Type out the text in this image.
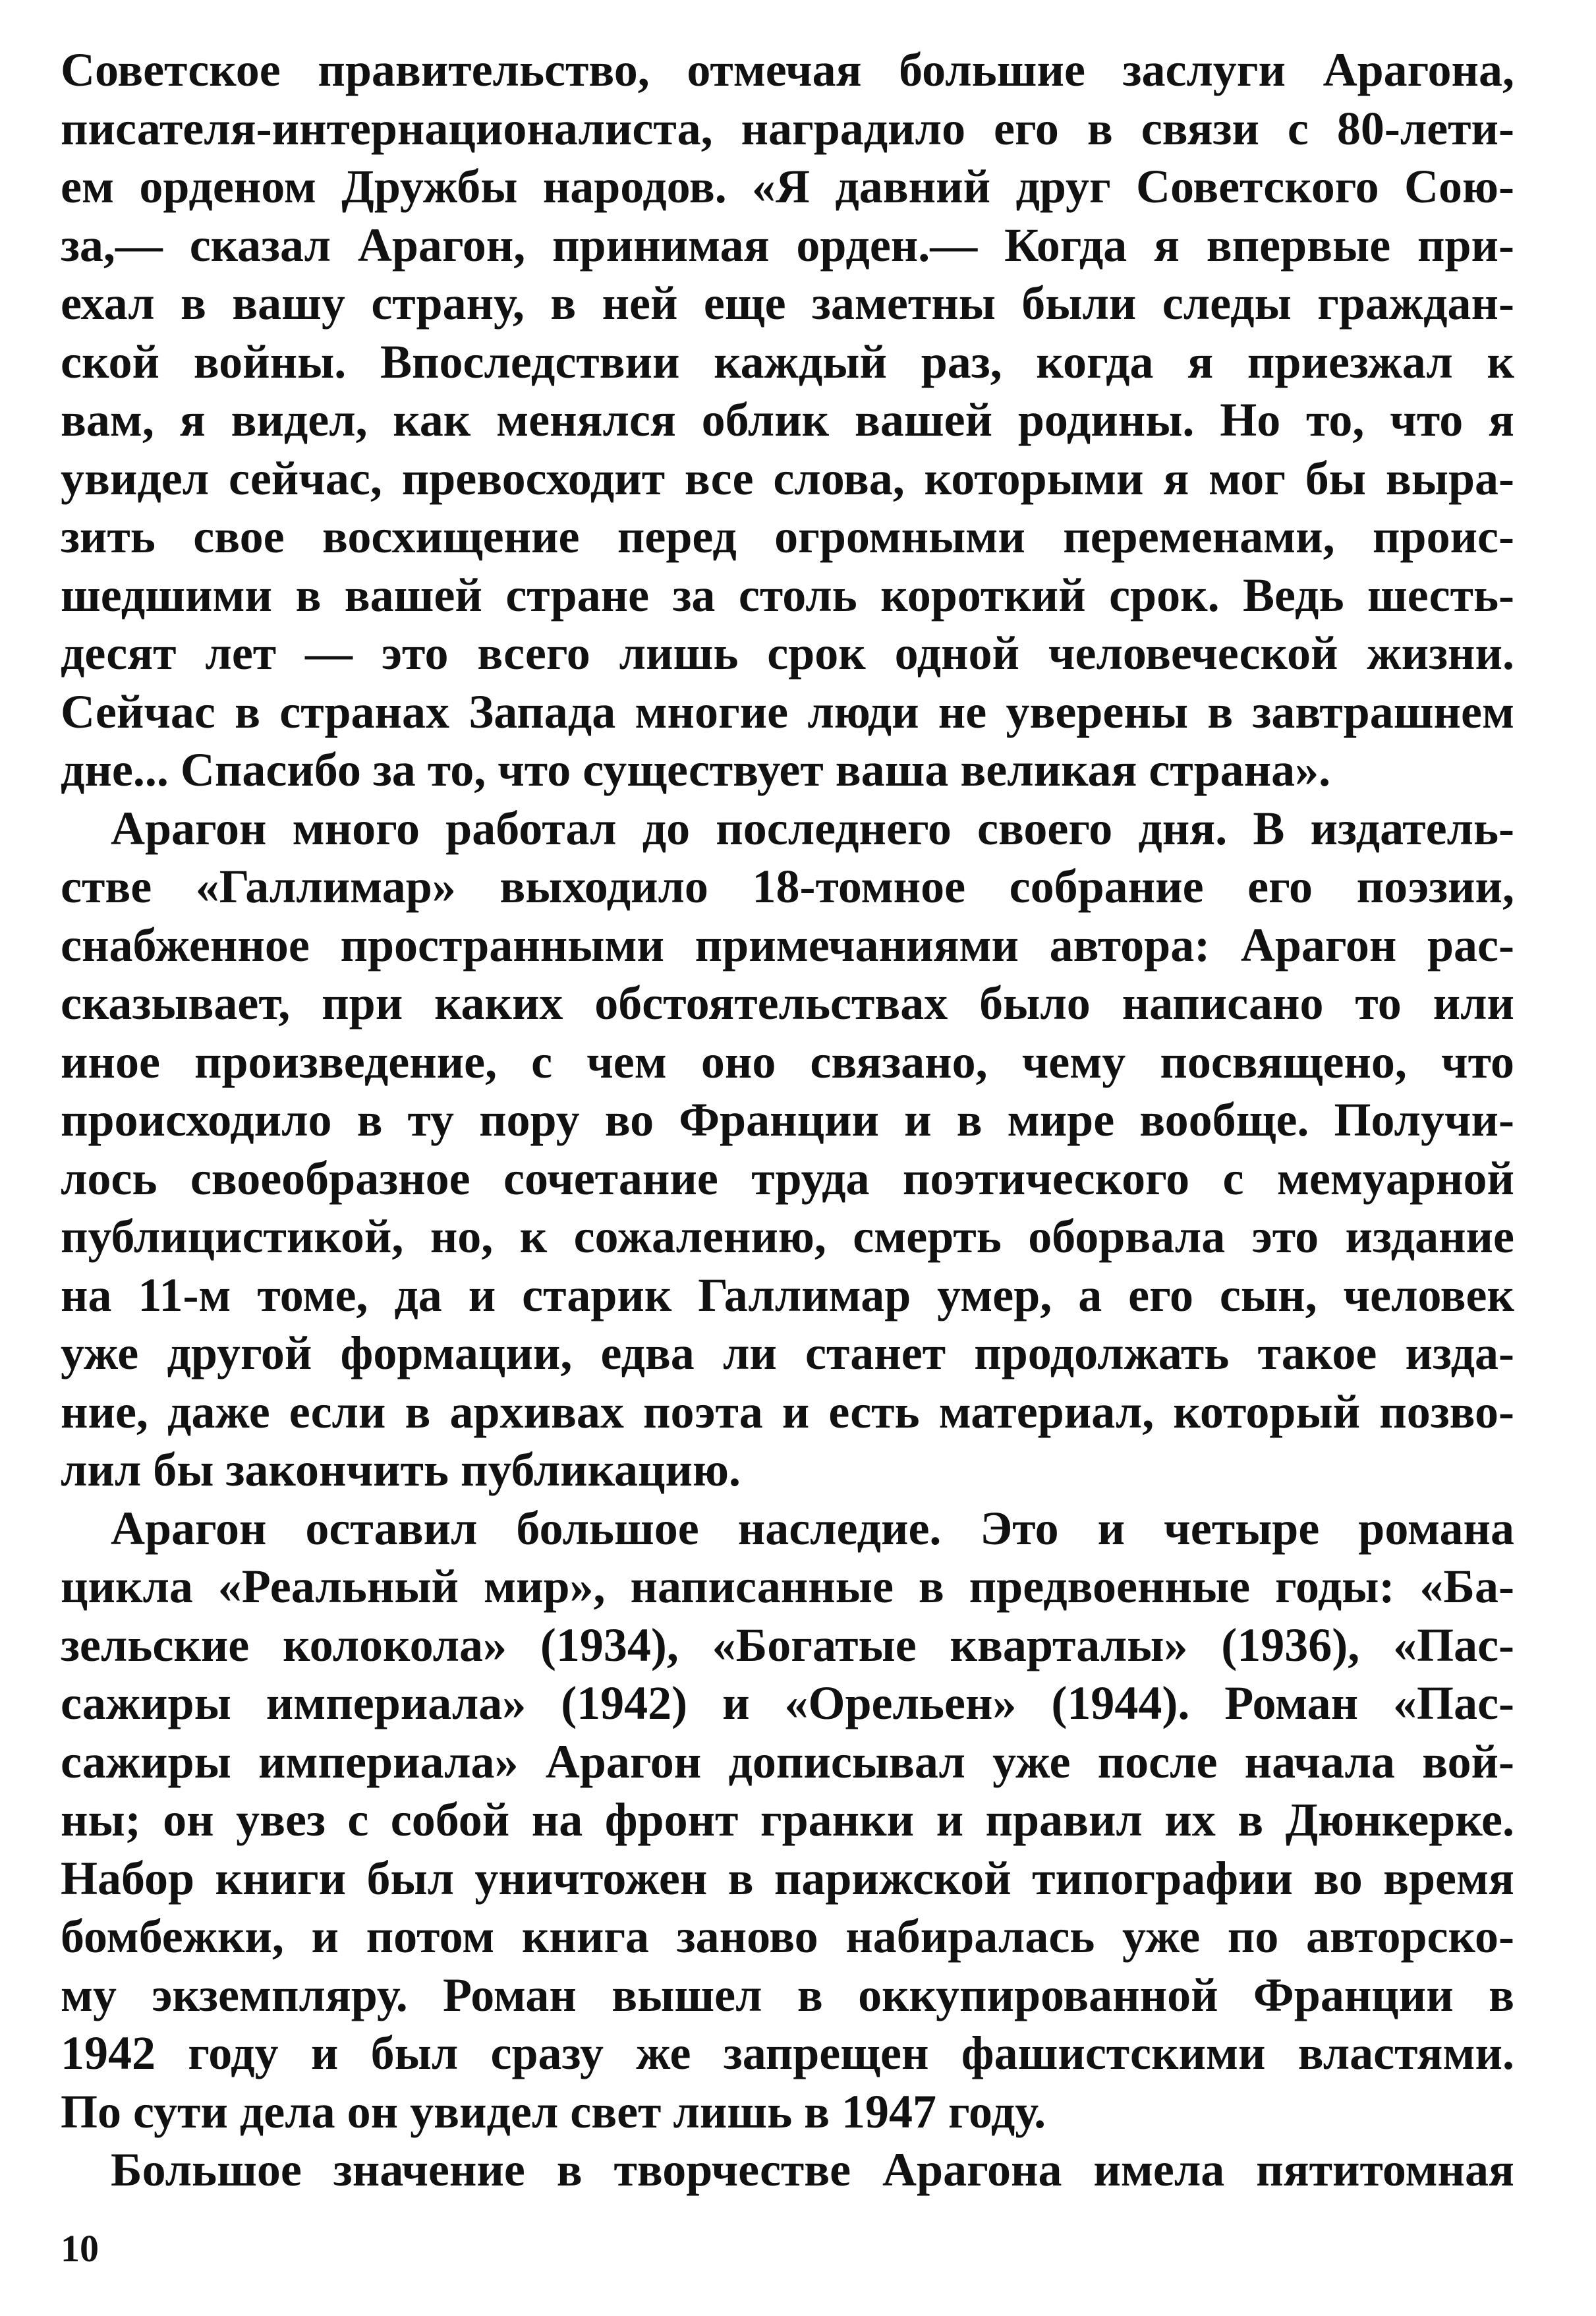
Советское правительство, отмечая большие заслуги Арагона,
писателя-интернационалиста, наградило его в связи с 80-лети-
ем орденом Дружбы народов. «Я давний друг Советского Сою-
за,— сказал Арагон, принимая орден.— Когда я впервые при-
ехал в вашу страну, в ней еще заметны были следы граждан-
ской войны. Впоследствии каждый раз, когда я приезжал к
вам, я видел, как менялся облик вашей родины. Но то, что я
увидел сейчас, превосходит все слова, которыми я мог бы выра-
зить свое восхищение перед огромными переменами, проис-
шедшими в вашей стране за столь короткий срок. Ведь шесть-
десят лет — это всего лишь срок одной человеческой жизни.
Сейчас в странах Запада многие люди не уверены в завтрашнем
дне... Спасибо за то, что существует ваша великая страна».
Арагон много работал до последнего своего дня. В издатель-
стве «Галлимар» выходило 18-томное собрание его поэзии,
снабженное пространными примечаниями автора: Арагон рас-
сказывает, при каких обстоятельствах было написано то или
иное произведение, с чем оно связано, чему посвящено, что
происходило в ту пору во Франции и в мире вообще. Получи-
лось своеобразное сочетание труда поэтического с мемуарной
публицистикой, но, к сожалению, смерть оборвала это издание
на 11-м томе, да и старик Галлимар умер, а его сын, человек
уже другой формации, едва ли станет продолжать такое изда-
ние, даже если в архивах поэта и есть материал, который позво-
лил бы закончить публикацию.
Арагон оставил большое наследие. Это и четыре романа
цикла «Реальный мир», написанные в предвоенные годы: «Ба-
зельские колокола» (1934), «Богатые кварталы» (1936), «Пас-
сажиры империала» (1942) и «Орельен» (1944). Роман «Пас-
сажиры империала» Арагон дописывал уже после начала вой-
ны; он увез с собой на фронт гранки и правил их в Дюнкерке.
Набор книги был уничтожен в парижской типографии во время
бомбежки, и потом книга заново набиралась уже по авторско-
му экземпляру. Роман вышел в оккупированной Франции в
1942 году и был сразу же запрещен фашистскими властями.
По сути дела он увидел свет лишь в 1947 году.
Большое значение в творчестве Арагона имела пятитомная
10
